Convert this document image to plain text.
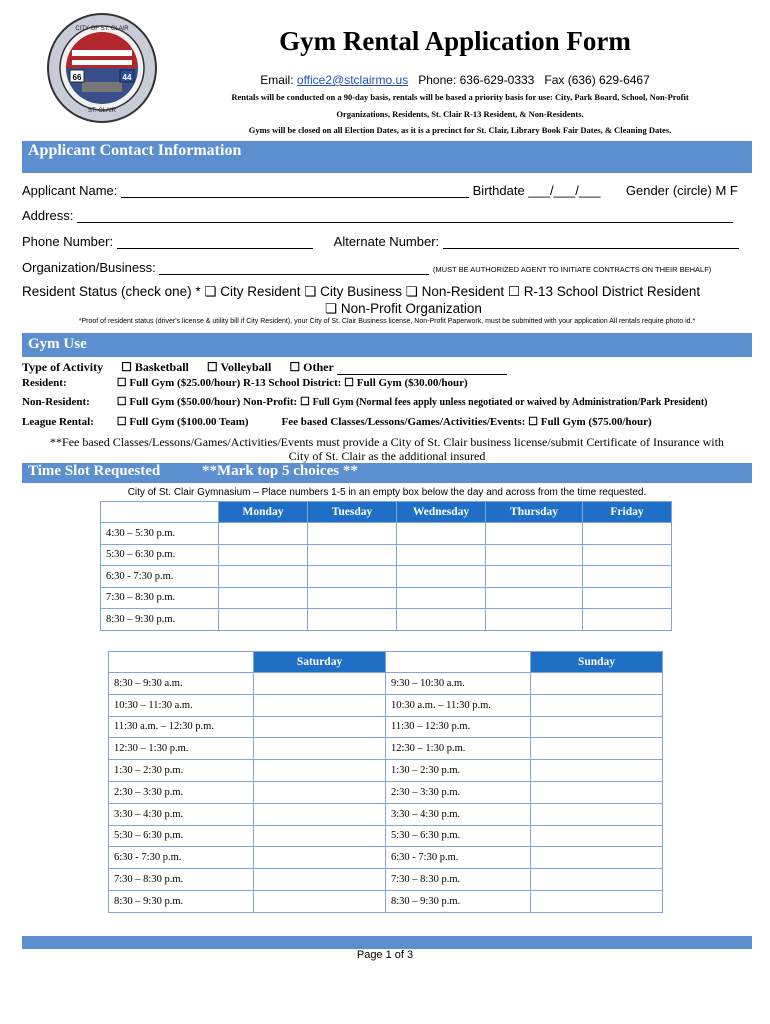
CITY OF ST. CLAIR
ST. CLAIR
66	44
Gym Rental Application Form
Email: office2@stclairmo.us Phone: 636-629-0333 Fax (636) 629-6467
Rentals will be conducted on a 90-day basis, rentals will be based a priority basis for use: City, Park Board, School, Non-Profit
Organizations, Residents, St. Clair R-13 Resident, & Non-Residents.
Gyms will be closed on all Election Dates, as it is a precinct for St. Clair, Library Book Fair Dates, & Cleaning Dates.
Applicant Contact Information
Applicant Name:	Birthdate ___/___/___ Gender (circle) M F
Address:
Phone Number:	Alternate Number:
Organization/Business:	(MUST BE AUTHORIZED AGENT TO INITIATE CONTRACTS ON THEIR BEHALF)
Resident Status (check one) * ❏ City Resident ❏ City Business ❏ Non-Resident ☐ R-13 School District Resident
❏ Non-Profit Organization
*Proof of resident status (driver's license & utility bill if City Resident), your City of St. Clair Business license, Non-Profit Paperwork, must be submitted with your application All rentals require photo id.*
Gym Use
Type of Activity ☐ Basketball ☐ Volleyball ☐ Other
Resident:	☐ Full Gym ($25.00/hour) R-13 School District: ☐ Full Gym ($30.00/hour)
Non-Resident: ☐ Full Gym ($50.00/hour) Non-Profit: ☐ Full Gym (Normal fees apply unless negotiated or waived by Administration/Park President)
League Rental: ☐ Full Gym ($100.00 Team)	Fee based Classes/Lessons/Games/Activities/Events: ☐ Full Gym ($75.00/hour)
**Fee based Classes/Lessons/Games/Activities/Events must provide a City of St. Clair business license/submit Certificate of Insurance with
City of St. Clair as the additional insured
Time Slot Requested	**Mark top 5 choices **
City of St. Clair Gymnasium – Place numbers 1-5 in an empty box below the day and across from the time requested.
	Monday	Tuesday	Wednesday	Thursday	Friday
4:30 – 5:30 p.m.					
5:30 – 6:30 p.m.					
6:30 - 7:30 p.m.					
7:30 – 8:30 p.m.					
8:30 – 9:30 p.m.					
	Saturday		Sunday
8:30 – 9:30 a.m.		9:30 – 10:30 a.m.	
10:30 – 11:30 a.m.		10:30 a.m. – 11:30 p.m.	
11:30 a.m. – 12:30 p.m.		11:30 – 12:30 p.m.	
12:30 – 1:30 p.m.		12:30 – 1:30 p.m.	
1:30 – 2:30 p.m.		1:30 – 2:30 p.m.	
2:30 – 3:30 p.m.		2:30 – 3:30 p.m.	
3:30 – 4:30 p.m.		3:30 – 4:30 p.m.	
5:30 – 6:30 p.m.		5:30 – 6:30 p.m.	
6:30 - 7:30 p.m.		6:30 - 7:30 p.m.	
7:30 – 8:30 p.m.		7:30 – 8:30 p.m.	
8:30 – 9:30 p.m.		8:30 – 9:30 p.m.	
Page 1 of 3
